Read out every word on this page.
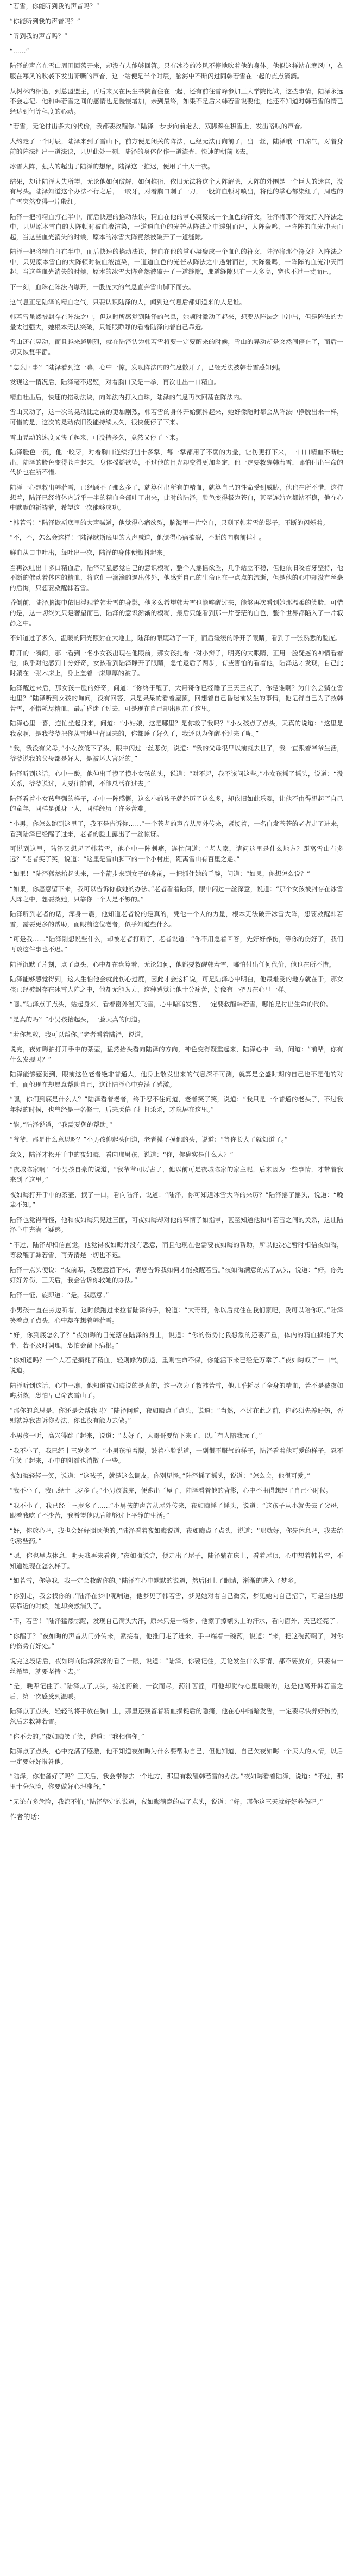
“若雪，你能听到我的声音吗？”

“你能听到我的声音吗？”

“听到我的声音吗？”

“……”

陆泽的声音在雪山周围回荡开来，却没有人能够回答。只有冰冷的冷风不停地吹着他的身体。他似这样站在寒风中，衣服在寒风的吹袭下发出嘶嘶的声音，这一站便是半个时辰，脑海中不断闪过同韩若雪在一起的点点滴滴。

从树林内相遇，到总盟盟主，再后来又在民生书院留住在一起，还有前往雪峰参加三大学院比试，这些事情，陆泽永远不会忘记。他和韩若雪之间的感情也是慢慢增加，亲到最终，如果不是后来韩若雪说要他，他还不知道对韩若雪的情已经达到何等程度的心动。

“若雪，无论付出多大的代价，我都要救醒你。”陆泽一步步向前走去，双脚踩在积雪上，发出咯吱的声音。

大约走了一个时辰，陆泽来到了雪山下，前方便是闭关的阵法，已经无法再向前了，出一丝，陆泽哦一口凉气，对着身前的阵法打出一道法诀，只见此处一刻，陆泽的身体化作一道流光，快速的朝前飞去。

冰雪大阵，强大的超出了陆泽的想象，陆泽这一推迟，便用了十天十夜。

结果，却让陆泽大失所望，无论他如何破解，如何推衍，依旧无法将这个大阵解除，大阵的外围是一个巨大的迷宫，没有尽头。陆泽知道这个办法不行之后，一咬牙，对着胸口刺了一刀，一股鲜血顿时喷出，将他的掌心都染红了，周遭的白雪突然变得一片殷红。

陆泽一把将精血打在半中，而后快速的掐动法诀，精血在他的掌心凝聚成一个血色的符文，陆泽将那个符文打入阵法之中，只见原本雪白的大阵顿时被血液渲染，一道道血色的光芒从阵法之中透射而出，大阵轰鸣，一阵阵的血光冲天而起，当这些血光消失的时候，原本的冰雪大阵竟然被破开了一道缝隙。

陆泽一把将精血打在半中，而后快速的掐动法诀，精血在他的掌心凝聚成一个血色的符文，陆泽将那个符文打入阵法之中，只见原本雪白的大阵顿时被血液渲染，一道道血色的光芒从阵法之中透射而出，大阵轰鸣，一阵阵的血光冲天而起，当这些血光消失的时候，原本的冰雪大阵竟然被破开了一道缝隙，那道缝隙只有一人多高，宽也不过一丈而已。

下一刻，血珠在阵法内爆开，一股庞大的气息直奔雪山脚下而去。

这气息正是陆泽的精血之气，只要认识陆泽的人，闻到这气息后都知道来的人是谁。

韩若雪虽然被封存在阵法之中，但这时所感觉到陆泽的气息，她顿时激动了起来，想要从阵法之中冲出，但是阵法的力量太过强大，她根本无法突破，只能眼睁睁的看着陆泽向着自己靠近。

雪山还在晃动，而且越来越剧烈，就在陆泽认为韩若雪将要一定要醒来的时候，雪山的异动却是突然间停止了，而后一切又恢复平静。

“怎么回事？”陆泽看到这一幕，心中一惊，发现阵法内的气息散开了，已经无法被韩若雪感知到。

发现这一情况后，陆泽毫不迟疑，对着胸口又是一拳，再次吐出一口精血。

精血吐出后，快速的掐动法诀，向阵法内打入血珠，陆泽的气息再次回荡在阵法内。

雪山又动了，这一次的晃动比之前的更加剧烈，韩若雪的身体开始颤抖起来，她好像随时都会从阵法中挣脱出来一样，可惜的是，这次的晃动依旧没能持续太久，很快便停了下来。

雪山晃动的速度又快了起来，可没持多久，竟然又停了下来。

陆泽脸色一沉，他一咬牙，对着胸口连续打出十多掌，每一掌都用了不弱的力量，让伤更打下来，一口口精血不断吐出，陆泽的脸色变得苍白起来，身体摇摇欲坠，不过他的目光却变得更加坚定，他一定要救醒韩若雪，哪怕付出生命的代价也在所不惜。

陆泽一心想救出韩若雪，已经顾不了那么多了，就算付出所有的精血，就算自己的性命受到威胁，他也在所不惜，这样想着，陆泽已经将体内近乎一半的精血全部吐了出来，此时的陆泽，脸色变得极为苍白，甚至连站立都站不稳，他在心中默默的祈祷着，希望这一次能够成功。

“韩若雪！”陆泽歇斯底里的大声喊道，他觉得心痛欲裂，脑海里一片空白，只剩下韩若雪的影子，不断的闪烁着。

“不，不，怎么会这样！”陆泽歇斯底里的大声喊道，他觉得心痛欲裂，不断的向胸前捶打。

鲜血从口中吐出，每吐出一次，陆泽的身体便颤抖起来。

当再次吐出十多口精血后，陆泽明显感觉自己的意识模糊，整个人摇摇欲坠，几乎站立不稳，但他依旧咬着牙坚持，他不断的催动着体内的精血，将它们一滴滴的逼出体外，他感觉自己的生命正在一点点的流逝，但是他的心中却没有丝毫的后悔，只想要救醒韩若雪。

昏倒前，陆泽脑海中依旧浮现着韩若雪的身影，他多么希望韩若雪也能够醒过来，能够再次看到她那温柔的笑脸，可惜的是，这一切终究只是奢望而已，陆泽的意识渐渐的模糊，最后只能看到那一片苍茫的白色，整个世界都陷入了一片寂静之中。

不知道过了多久，温暖的阳光照射在大地上，陆泽的眼睫动了一下，而后缓缓的睁开了眼睛，看到了一张熟悉的脸庞。

睁开的一瞬间，那一看到一名小女孩出现在他眼前，那女孩扎着一对小辫子，明亮的大眼睛，正用一脸疑惑的神情看着他，似乎对他感到十分好奇，女孩看到陆泽睁开了眼睛，急忙退后了两步，有些害怕的看着他，陆泽这才发现，自己此时躺在一张木床上，身上盖着一床厚厚的被子。

陆泽醒过来后，那女孩一脸的好奇，问道：“你终于醒了，大哥哥你已经睡了三天三夜了，你是谁啊？为什么会躺在雪地里？”陆泽听到女孩的询问，没有回答，只是呆呆的看着屋顶，回想着自己昏迷前发生的事情，他记得自己为了救韩若雪，不惜耗尽精血，最后昏迷了过去，可是现在自己却出现在了这里。

陆泽心里一喜，连忙坐起身来，问道：“小姑娘，这是哪里？是你救了我吗？”小女孩点了点头，天真的说道：“这里是我家啊，是我爷爷把你从雪地里背回来的，你都睡了好久了，我还以为你醒不过来了呢。”

“我，我没有父母，”小女孩低下了头，眼中闪过一丝悲伤，说道：“我的父母很早以前就去世了，我一直跟着爷爷生活，爷爷说我的父母都是好人，是被坏人害死的。”

陆泽听到这话，心中一酸，他伸出手摸了摸小女孩的头，说道：“对不起，我不该问这些。”小女孩摇了摇头，说道：“没关系，爷爷说过，人要往前看，不能总活在过去。”

陆泽看着小女孩坚强的样子，心中一阵感慨，这么小的孩子就经历了这么多，却依旧如此乐观，让他不由得想起了自己的童年，同样是孤身一人，同样经历了许多苦难。

“小男，你怎么跑到这里了，我不是告诉你……”一个苍老的声音从屋外传来，紧接着，一名白发苍苍的老者走了进来，看到陆泽已经醒了过来，老者的脸上露出了一丝惊讶。

可说到这里，陆泽又想起了韩若雪，他心中一阵刺痛，连忙问道：“老人家，请问这里是什么地方？距离雪山有多远？”老者笑了笑，说道：“这里是雪山脚下的一个小村庄，距离雪山有百里之遥。”

“如果！”陆泽猛然抬起头来，一个箭步来到女子的身前，一把抓住她的手腕，问道：“如果，你想怎么说？”

“如果，你愿意留下来，我可以告诉你救她的办法。”老者看着陆泽，眼中闪过一丝深意，说道：“那个女孩被封存在冰雪大阵之中，想要救她，只靠你一个人是不够的。”

陆泽听到老者的话，浑身一震，他知道老者说的是真的，凭他一个人的力量，根本无法破开冰雪大阵，想要救醒韩若雪，需要更多的帮助，而眼前这位老者，似乎知道些什么。

“可是我……”陆泽刚想说些什么，却被老者打断了，老者说道：“你不用急着回答，先好好养伤，等你的伤好了，我们再谈这件事也不迟。”

陆泽沉默了片刻，点了点头，心中却在盘算着，无论如何，他都要救醒韩若雪，哪怕付出任何代价，他也在所不惜。

陆泽能够感觉得到，这人生怕他会就此伤心过度，因此才会这样说，可是陆泽心中明白，他最难受的地方就在于，那女孩已经被封存在冰雪大阵之中，他却无能为力，这种感觉让他十分痛苦，好像有一把刀在心里一样。

“嗯。”陆泽点了点头，站起身来，看着窗外漫天飞雪，心中暗暗发誓，一定要救醒韩若雪，哪怕是付出生命的代价。

“是真的吗？”小男孩抬起头，一脸天真的问道。

“若你想救，我可以帮你。”老者看着陆泽，说道。

说完，夜如晦拍打开手中的茶壶，猛然抬头看向陆泽的方向，神色变得凝重起来，陆泽心中一动，问道：“前辈，你有什么发现吗？”

陆泽能够感觉到，眼前这位老者绝非普通人，他身上散发出来的气息深不可测，就算是全盛时期的自己也不是他的对手，而他现在却愿意帮助自己，这让陆泽心中充满了感激。

“嘿，你们到底是什么人？”陆泽看着老者，终于忍不住问道，老者笑了笑，说道：“我只是一个普通的老头子，不过我年轻的时候，也曾经是一名修士，后来厌倦了打打杀杀，才隐居在这里。”

“能。”陆泽说道，“我需要您的帮助。”

“爷爷，那是什么意思呀？”小男孩仰起头问道，老者摸了摸他的头，说道：“等你长大了就知道了。”

意义，陆泽才松开手中的夜如晦，看向那男孩，说道：“你，你确实是什么人？”

“夜城陈家啊！”小男孩自豪的说道，“我爷爷可厉害了，他以前可是夜城陈家的家主呢，后来因为一些事情，才带着我来到了这里。”

夜如晦打开手中的茶壶，抿了一口，看向陆泽，说道：“陆泽，你可知道冰雪大阵的来历？”陆泽摇了摇头，说道：“晚辈不知。”

陆泽也觉得奇怪，他和夜如晦只见过三面，可夜如晦却对他的事情了如指掌，甚至知道他和韩若雪之间的关系，这让陆泽心中充满了疑惑。

“不过，陆泽却相信直觉，他觉得夜如晦并没有恶意，而且他现在也需要夜如晦的帮助，所以他决定暂时相信夜如晦，等救醒了韩若雪，再弄清楚一切也不迟。

陆泽一点头便说：“夜前辈，我愿意留下来，请您告诉我如何才能救醒若雪。”夜如晦满意的点了点头，说道：“好，你先好好养伤，三天后，我会告诉你救她的办法。”

陆泽一怔，旋即道：“是，我愿意。”

小男孩一直在旁边听着，这时候跑过来拉着陆泽的手，说道：“大哥哥，你以后就住在我们家吧，我可以陪你玩。”陆泽笑着点了点头，心中却在想着韩若雪。

“好，你到底怎么了？”夜如晦的目光落在陆泽的身上，说道：“你的伤势比我想象的还要严重，体内的精血损耗了大半，若不及时调理，恐怕会留下病根。”

“你知道吗？一个人若是损耗了精血，轻则修为倒退，重则性命不保，你能活下来已经是万幸了。”夜如晦叹了一口气，说道。

陆泽听到这话，心中一凛，他知道夜如晦说的是真的，这一次为了救韩若雪，他几乎耗尽了全身的精血，若不是被夜如晦所救，恐怕早已命丧雪山了。

“那你的意思是，你还是会帮我吗？”陆泽问道，夜如晦点了点头，说道：“当然，不过在此之前，你必须先养好伤，否则就算我告诉你办法，你也没有能力去做。”

小男孩一听，高兴得跳了起来，说道：“太好了，大哥哥要留下来了，以后有人陪我玩了。”

“我不小了，我已经十三岁多了！”小男孩掐着腰，鼓着小脸说道，一副很不服气的样子，陆泽看着他可爱的样子，忍不住笑了起来，心中的阴霾也消散了一些。

夜如晦轻轻一笑，说道：“这孩子，就是这么调皮，你别见怪。”陆泽摇了摇头，说道：“怎么会，他很可爱。”

“我不小了，我已经十三岁多了。”小男孩说完，便跑出了屋子，陆泽看着他的背影，心中不由得想起了自己小时候。

“我不小了，我已经十三岁多了……”小男孩的声音从屋外传来，夜如晦摇了摇头，说道：“这孩子从小就失去了父母，跟着我吃了不少苦，我希望他以后能够过上平静的生活。”

“好，你放心吧，我也会好好照顾他的。”陆泽看着夜如晦说道，夜如晦点了点头，说道：“那就好，你先休息吧，我去给你熬些药。”

“嗯，你也早点休息，明天我再来看你。”夜如晦说完，便走出了屋子，陆泽躺在床上，看着屋顶，心中想着韩若雪，不知道她现在怎么样了。

“如若雪，你等我，我一定会救醒你的。”陆泽在心中默默的说道，然后闭上了眼睛，渐渐的进入了梦乡。

“你别走，我会找你的。”陆泽在梦中呢喃道，他梦见了韩若雪，梦见她对着自己微笑，梦见她向自己招手，可是当他想要靠近的时候，她却突然消失了。

“不，若雪！”陆泽猛然惊醒，发现自己满头大汗，原来只是一场梦，他擦了擦额头上的汗水，看向窗外，天已经亮了。

“你醒了？”夜如晦的声音从门外传来，紧接着，他推门走了进来，手中端着一碗药，说道：“来，把这碗药喝了，对你的伤势有好处。”

说完这段话后，夜如晦向陆泽深深的看了一眼，说道：“陆泽，你要记住，无论发生什么事情，都不要放弃，只要有一丝希望，就要坚持下去。”

“是，晚辈记住了。”陆泽点了点头，接过药碗，一饮而尽，药汁苦涩，可他却觉得心里暖暖的，这是他离开韩若雪之后，第一次感受到温暖。

陆泽点了点头，轻轻的将手放在胸口上，那里还残留着精血损耗后的隐痛，他在心中暗暗发誓，一定要尽快养好伤势，然后去救韩若雪。

“你不会的。”夜如晦笑了笑，说道：“我相信你。”

陆泽点了点头，心中充满了感激，他不知道夜如晦为什么要帮助自己，但他知道，自己欠夜如晦一个天大的人情，以后一定要好好报答他。

“陆泽，你准备好了吗？三天后，我会带你去一个地方，那里有救醒韩若雪的办法。”夜如晦看着陆泽，说道：“不过，那里十分危险，你要做好心理准备。”

“无论有多危险，我都不怕。”陆泽坚定的说道，夜如晦满意的点了点头，说道：“好，那你这三天就好好养伤吧。”

作者的话：
